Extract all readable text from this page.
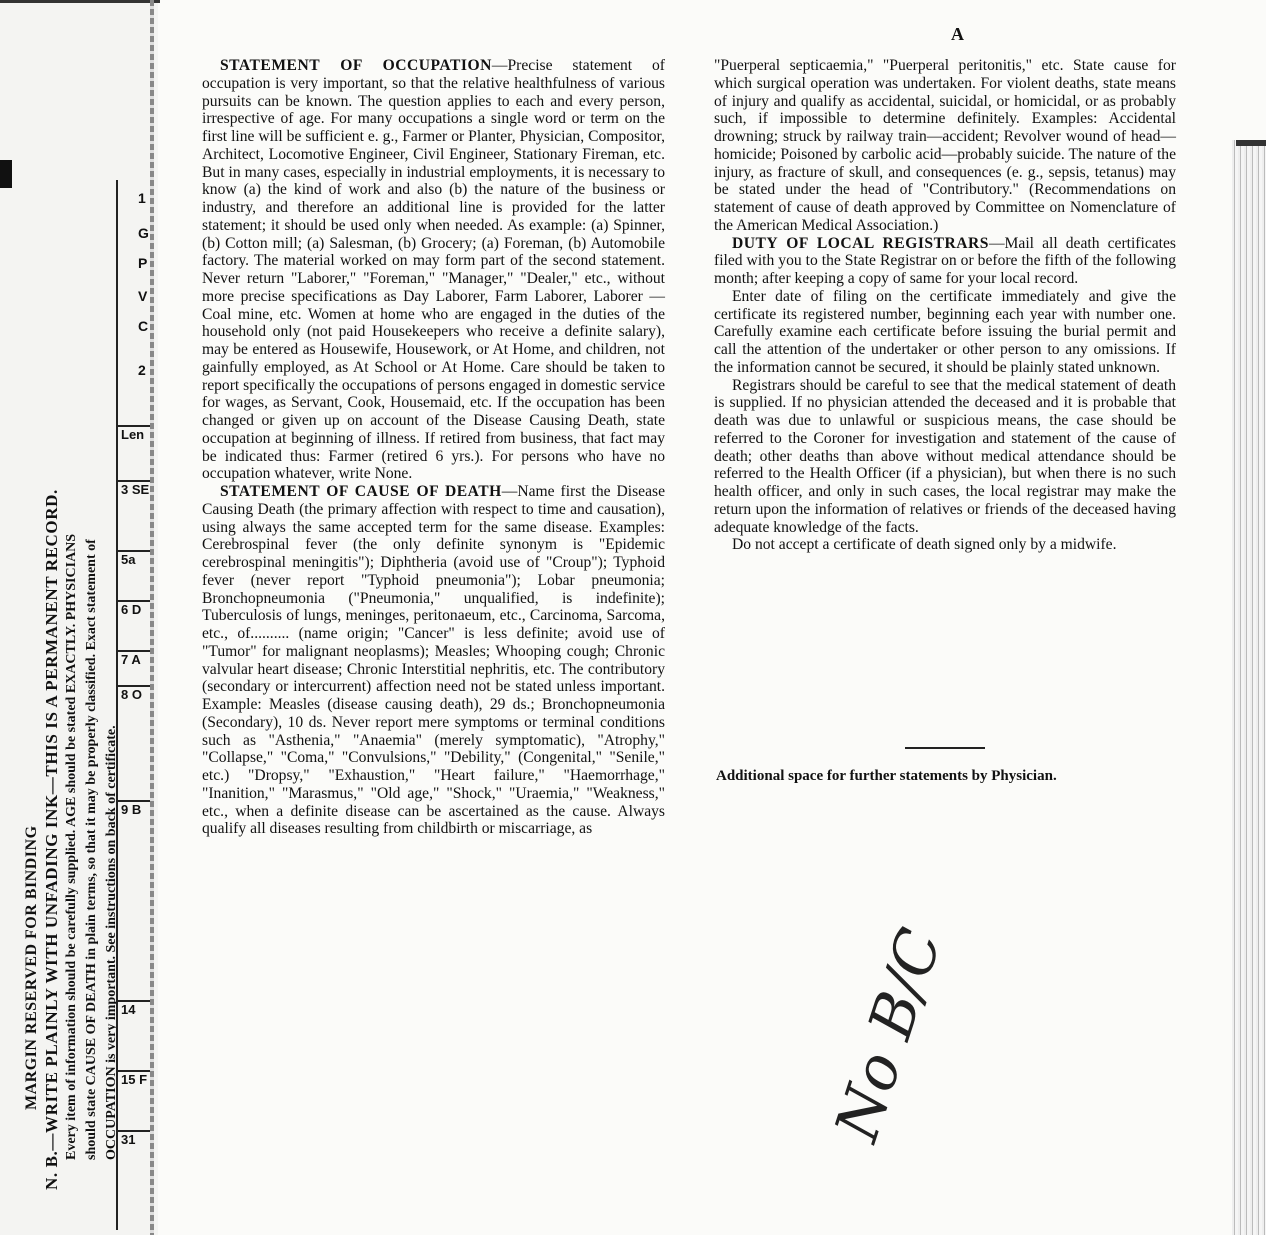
MARGIN RESERVED FOR BINDING N. B.—WRITE PLAINLY WITH UNFADING INK—THIS IS A PERMANENT RECORD. Every item of information should be carefully supplied. AGE should be stated EXACTLY. PHYSICIANS should state CAUSE OF DEATH in plain terms, so that it may be properly classified. Exact statement of OCCUPATION is very important. See instructions on back of certificate.
Len
3 SE
5a
6 D
7 A
8 O
9 B
14
15 F
31
1
G
P
V
C
2

STATEMENT OF OCCUPATION—Precise statement of occupation is very important, so that the relative healthfulness of various pursuits can be known. The question applies to each and every person, irrespective of age. For many occupations a single word or term on the first line will be sufficient e. g., Farmer or Planter, Physician, Compositor, Architect, Locomotive Engineer, Civil Engineer, Stationary Fireman, etc. But in many cases, especially in industrial employments, it is necessary to know (a) the kind of work and also (b) the nature of the business or industry, and therefore an additional line is provided for the latter statement; it should be used only when needed. As example: (a) Spinner, (b) Cotton mill; (a) Salesman, (b) Grocery; (a) Foreman, (b) Automobile factory. The material worked on may form part of the second statement. Never return "Laborer," "Foreman," "Manager," "Dealer," etc., without more precise specifications as Day Laborer, Farm Laborer, Laborer — Coal mine, etc. Women at home who are engaged in the duties of the household only (not paid Housekeepers who receive a definite salary), may be entered as Housewife, Housework, or At Home, and children, not gainfully employed, as At School or At Home. Care should be taken to report specifically the occupations of persons engaged in domestic service for wages, as Servant, Cook, Housemaid, etc. If the occupation has been changed or given up on account of the Disease Causing Death, state occupation at beginning of illness. If retired from business, that fact may be indicated thus: Farmer (retired 6 yrs.). For persons who have no occupation whatever, write None.

STATEMENT OF CAUSE OF DEATH—Name first the Disease Causing Death (the primary affection with respect to time and causation), using always the same accepted term for the same disease. Examples: Cerebrospinal fever (the only definite synonym is "Epidemic cerebrospinal meningitis"); Diphtheria (avoid use of "Croup"); Typhoid fever (never report "Typhoid pneumonia"); Lobar pneumonia; Bronchopneumonia ("Pneumonia," unqualified, is indefinite); Tuberculosis of lungs, meninges, peritonaeum, etc., Carcinoma, Sarcoma, etc., of.......... (name origin; "Cancer" is less definite; avoid use of "Tumor" for malignant neoplasms); Measles; Whooping cough; Chronic valvular heart disease; Chronic Interstitial nephritis, etc. The contributory (secondary or intercurrent) affection need not be stated unless important. Example: Measles (disease causing death), 29 ds.; Bronchopneumonia (Secondary), 10 ds. Never report mere symptoms or terminal conditions such as "Asthenia," "Anaemia" (merely symptomatic), "Atrophy," "Collapse," "Coma," "Convulsions," "Debility," (Congenital," "Senile," etc.) "Dropsy," "Exhaustion," "Heart failure," "Haemorrhage," "Inanition," "Marasmus," "Old age," "Shock," "Uraemia," "Weakness," etc., when a definite disease can be ascertained as the cause. Always qualify all diseases resulting from childbirth or miscarriage, as

"Puerperal septicaemia," "Puerperal peritonitis," etc. State cause for which surgical operation was undertaken. For violent deaths, state means of injury and qualify as accidental, suicidal, or homicidal, or as probably such, if impossible to determine definitely. Examples: Accidental drowning; struck by railway train—accident; Revolver wound of head—homicide; Poisoned by carbolic acid—probably suicide. The nature of the injury, as fracture of skull, and consequences (e. g., sepsis, tetanus) may be stated under the head of "Contributory." (Recommendations on statement of cause of death approved by Committee on Nomenclature of the American Medical Association.)

DUTY OF LOCAL REGISTRARS—Mail all death certificates filed with you to the State Registrar on or before the fifth of the following month; after keeping a copy of same for your local record.

Enter date of filing on the certificate immediately and give the certificate its registered number, beginning each year with number one. Carefully examine each certificate before issuing the burial permit and call the attention of the undertaker or other person to any omissions. If the information cannot be secured, it should be plainly stated unknown.

Registrars should be careful to see that the medical statement of death is supplied. If no physician attended the deceased and it is probable that death was due to unlawful or suspicious means, the case should be referred to the Coroner for investigation and statement of the cause of death; other deaths than above without medical attendance should be referred to the Health Officer (if a physician), but when there is no such health officer, and only in such cases, the local registrar may make the return upon the information of relatives or friends of the deceased having adequate knowledge of the facts.

Do not accept a certificate of death signed only by a midwife.

Additional space for further statements by Physician.
No B/C
A
